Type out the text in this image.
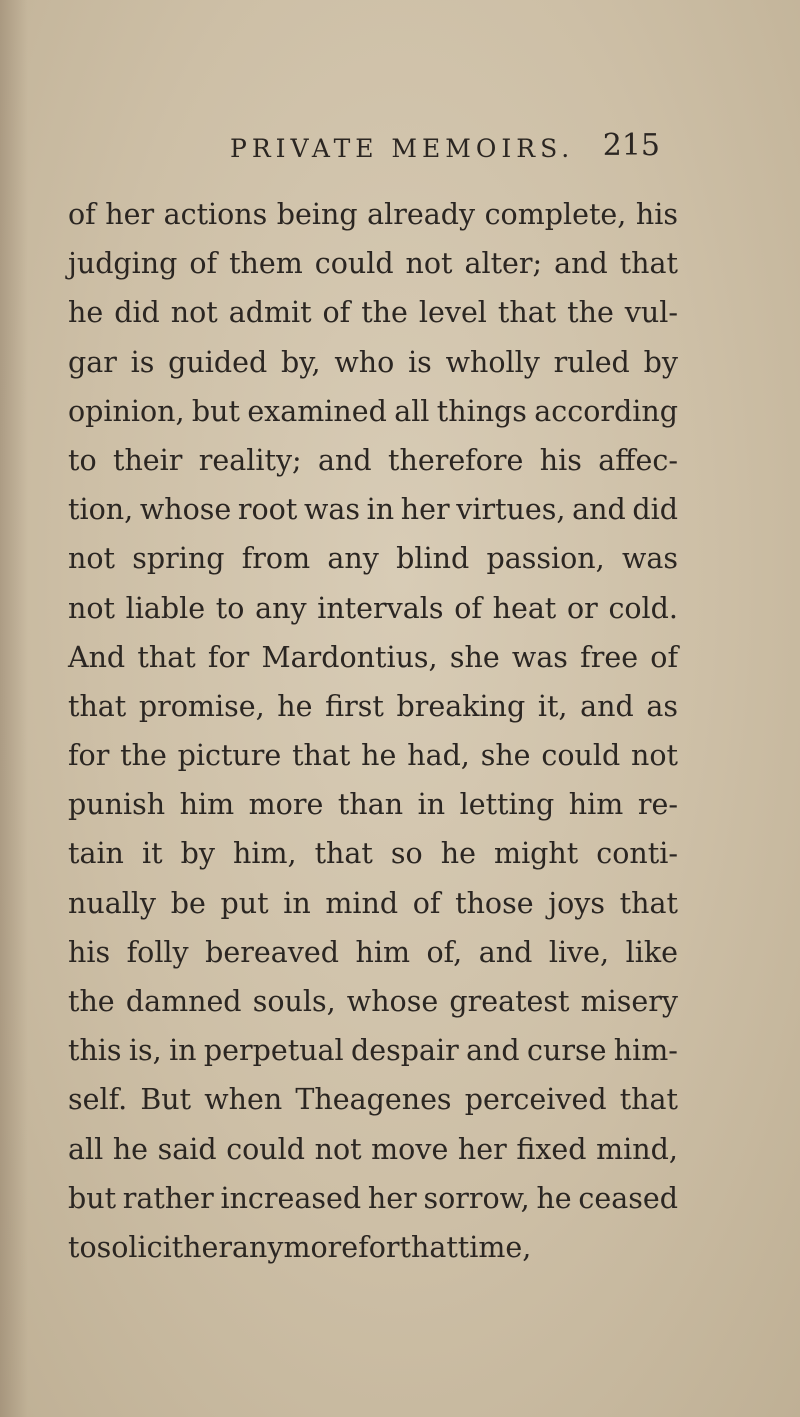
PRIVATE MEMOIRS. 215
of her actions being already complete, his
judging of them could not alter; and that
he did not admit of the level that the vul-
gar is guided by, who is wholly ruled by
opinion, but examined all things according
to their reality; and therefore his affec-
tion, whose root was in her virtues, and did
not spring from any blind passion, was
not liable to any intervals of heat or cold.
And that for Mardontius, she was free of
that promise, he first breaking it, and as
for the picture that he had, she could not
punish him more than in letting him re-
tain it by him, that so he might conti-
nually be put in mind of those joys that
his folly bereaved him of, and live, like
the damned souls, whose greatest misery
this is, in perpetual despair and curse him-
self. But when Theagenes perceived that
all he said could not move her fixed mind,
but rather increased her sorrow, he ceased
to solicit her any more for that time,
